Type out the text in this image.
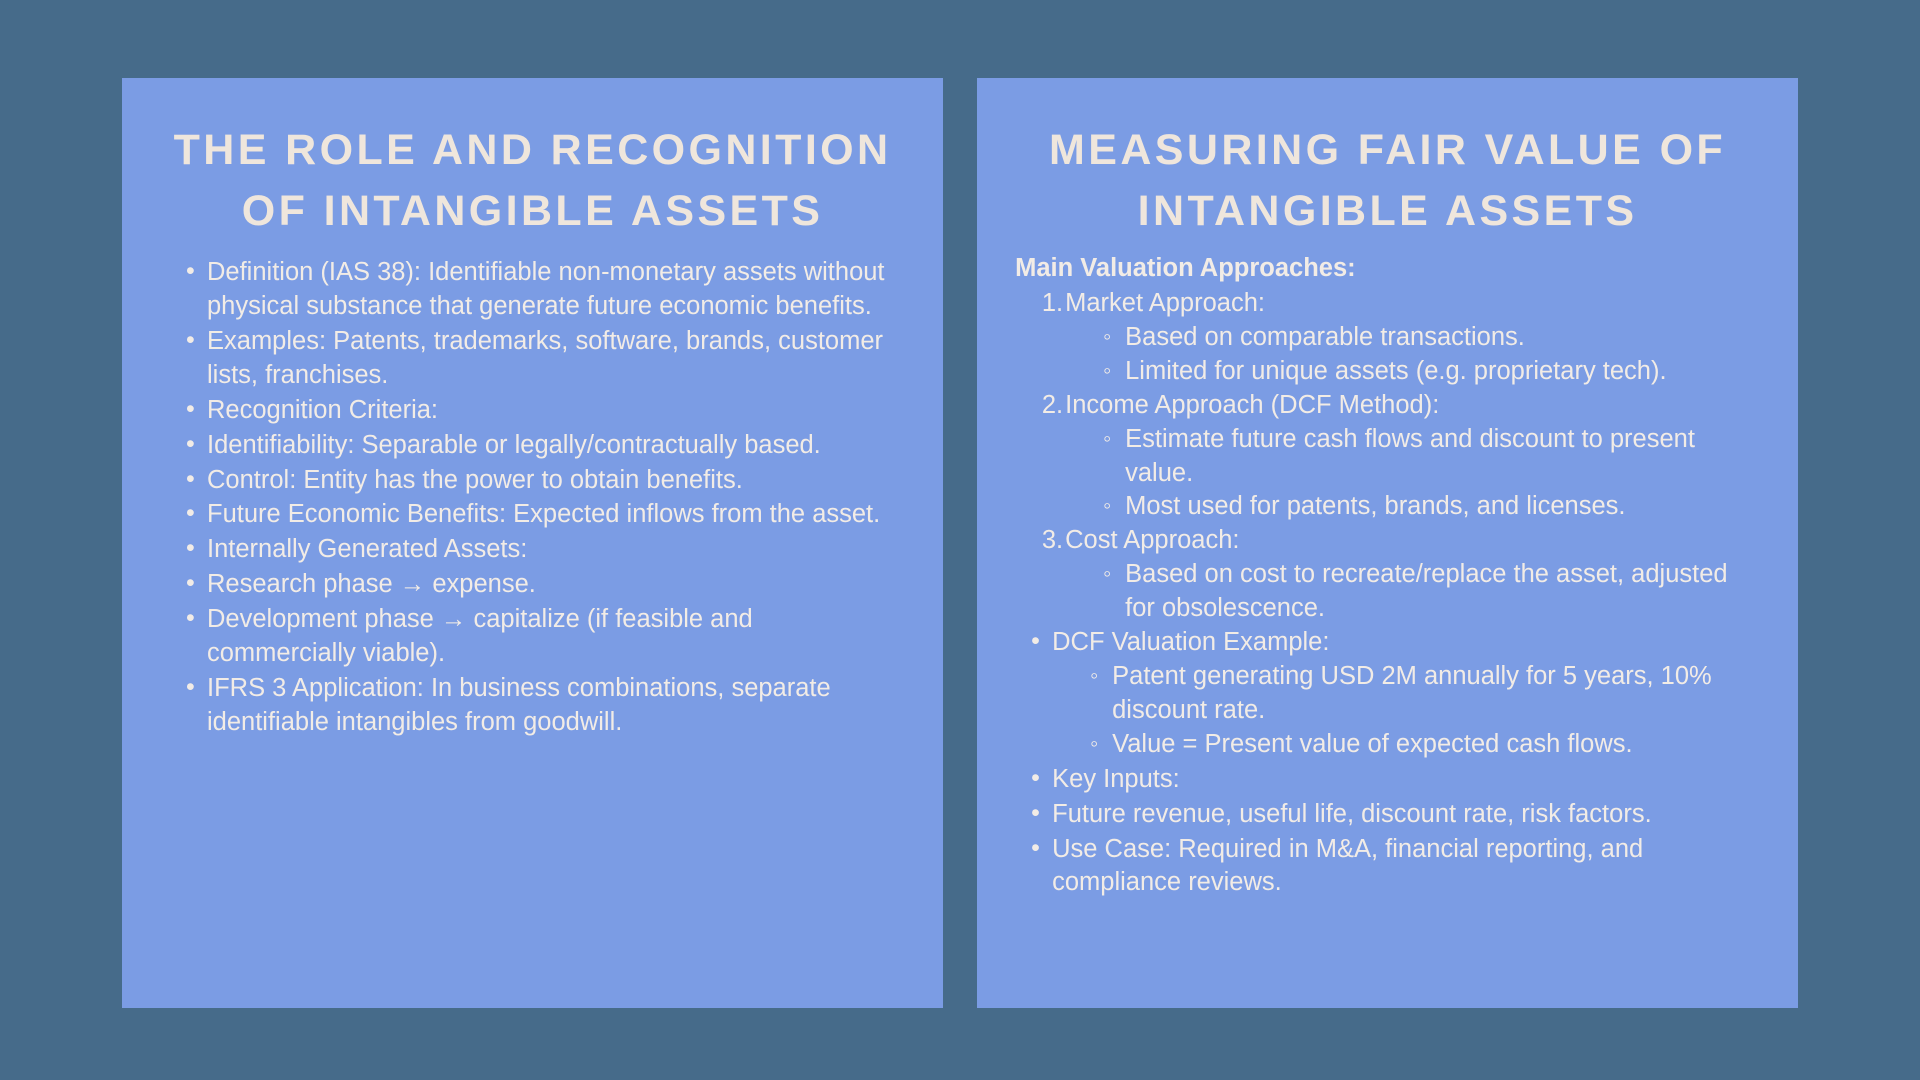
THE ROLE AND RECOGNITION OF INTANGIBLE ASSETS
• Definition (IAS 38): Identifiable non-monetary assets without physical substance that generate future economic benefits.
• Examples: Patents, trademarks, software, brands, customer lists, franchises.
• Recognition Criteria:
• Identifiability: Separable or legally/contractually based.
• Control: Entity has the power to obtain benefits.
• Future Economic Benefits: Expected inflows from the asset.
• Internally Generated Assets:
• Research phase → expense.
• Development phase → capitalize (if feasible and commercially viable).
• IFRS 3 Application: In business combinations, separate identifiable intangibles from goodwill.
MEASURING FAIR VALUE OF INTANGIBLE ASSETS
Main Valuation Approaches:
Market Approach:
◦ Based on comparable transactions.
◦ Limited for unique assets (e.g. proprietary tech).
Income Approach (DCF Method):
◦ Estimate future cash flows and discount to present value.
◦ Most used for patents, brands, and licenses.
Cost Approach:
◦ Based on cost to recreate/replace the asset, adjusted for obsolescence.
• DCF Valuation Example:
◦ Patent generating USD 2M annually for 5 years, 10% discount rate.
◦ Value = Present value of expected cash flows.
• Key Inputs:
• Future revenue, useful life, discount rate, risk factors.
• Use Case: Required in M&A, financial reporting, and compliance reviews.
